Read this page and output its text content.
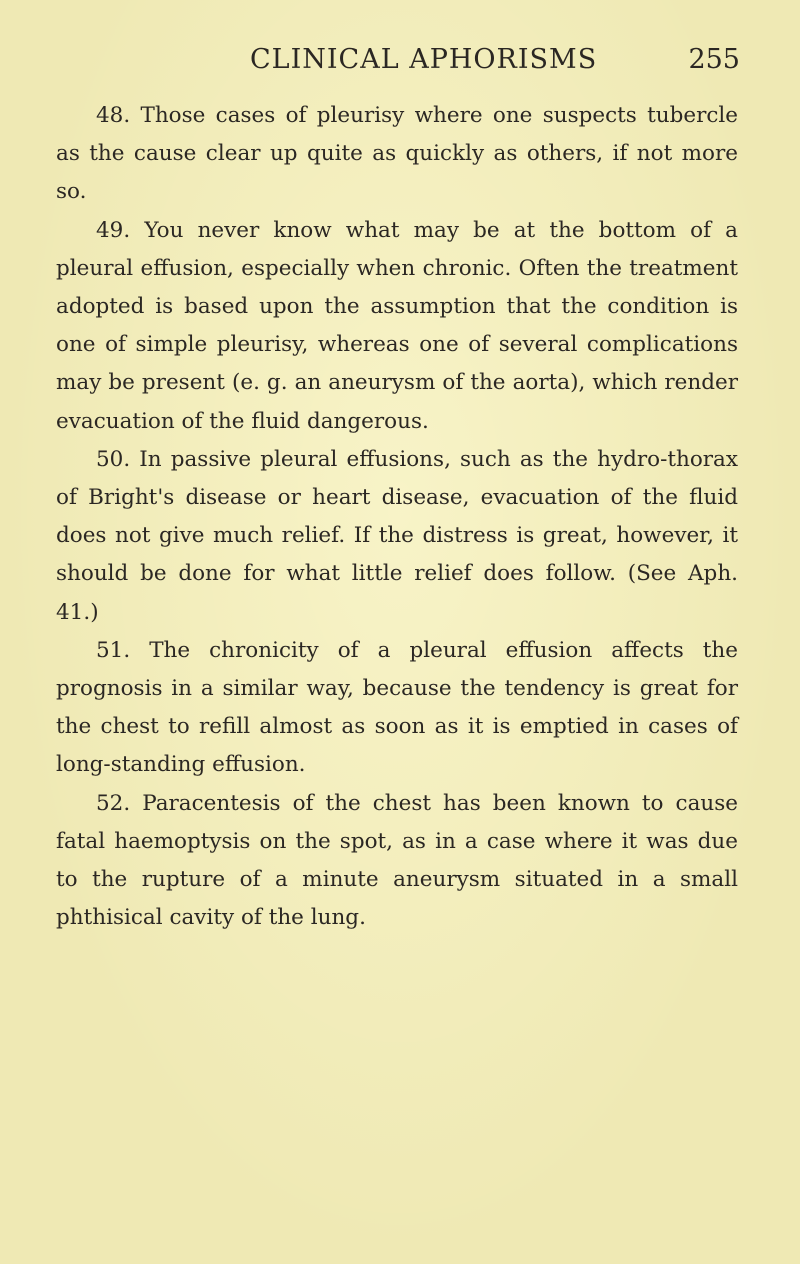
CLINICAL APHORISMS	255

48. Those cases of pleurisy where one suspects tubercle as the cause clear up quite as quickly as others, if not more so.

49. You never know what may be at the bottom of a pleural effusion, especially when chronic. Often the treatment adopted is based upon the assumption that the condition is one of simple pleurisy, whereas one of several complications may be present (e. g. an aneurysm of the aorta), which render evacuation of the fluid dangerous.

50. In passive pleural effusions, such as the hydro-thorax of Bright's disease or heart disease, evacuation of the fluid does not give much relief. If the distress is great, however, it should be done for what little relief does follow. (See Aph. 41.)

51. The chronicity of a pleural effusion affects the prognosis in a similar way, because the tendency is great for the chest to refill almost as soon as it is emptied in cases of long-standing effusion.

52. Paracentesis of the chest has been known to cause fatal haemoptysis on the spot, as in a case where it was due to the rupture of a minute aneurysm situated in a small phthisical cavity of the lung.
